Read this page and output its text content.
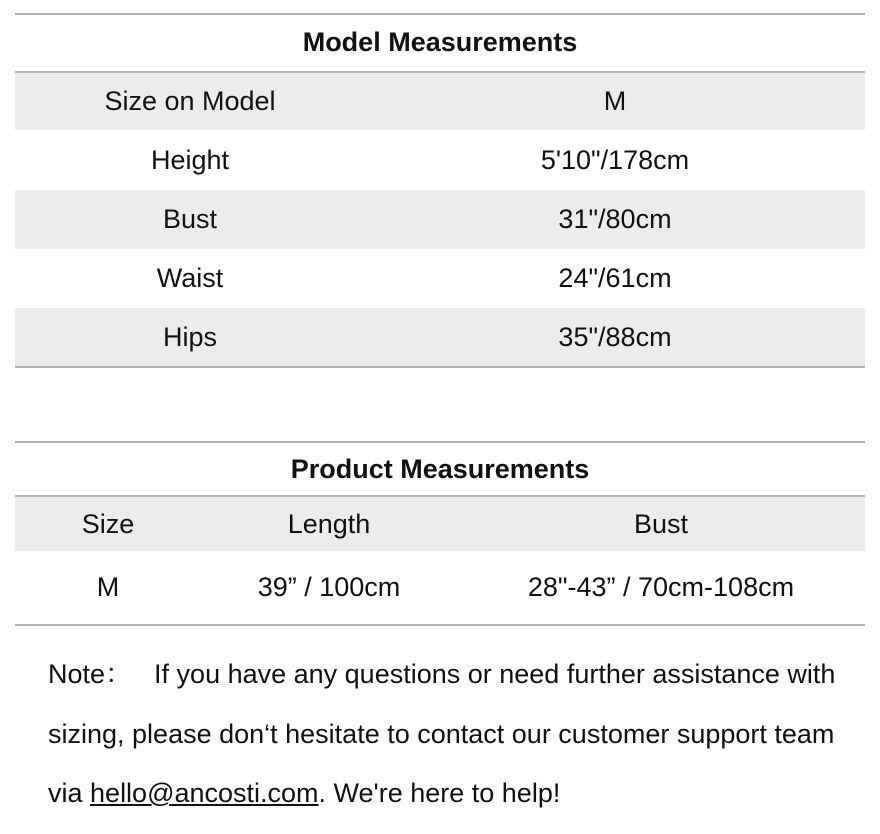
Model Measurements
Size on Model	M
Height	5'10"/178cm
Bust	31"/80cm
Waist	24"/61cm
Hips	35"/88cm
Product Measurements
Size	Length	Bust
M	39” / 100cm	28"-43” / 70cm-108cm
Note： If you have any questions or need further assistance with sizing, please don‘t hesitate to contact our customer support team via hello@ancosti.com. We're here to help!
